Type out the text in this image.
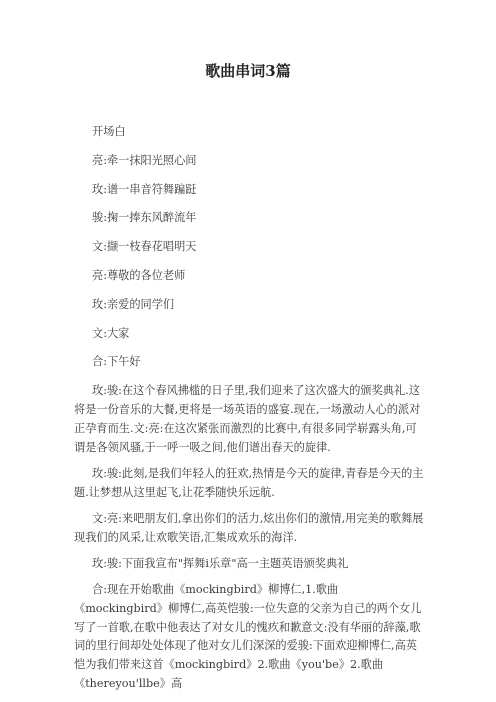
歌曲串词3篇

开场白

亮:牵一抹阳光照心间

玫:谱一串音符舞蹁跹

骏:掬一捧东风醉流年

文:撷一枝春花唱明天

亮:尊敬的各位老师

玫:亲爱的同学们

文:大家

合:下午好

玫:骏:在这个春风拂槛的日子里,我们迎来了这次盛大的颁奖典礼.这将是一份音乐的大餐,更将是一场英语的盛宴.现在,一场激动人心的派对正孕育而生.文:亮:在这次紧张而激烈的比赛中,有很多同学崭露头角,可谓是各领风骚,于一呼一吸之间,他们谱出春天的旋律.

玫:骏:此刻,是我们年轻人的狂欢,热情是今天的旋律,青春是今天的主题.让梦想从这里起飞,让花季随快乐远航.

文:亮:来吧朋友们,拿出你们的活力,炫出你们的激情,用完美的歌舞展现我们的风采,让欢歌笑语,汇集成欢乐的海洋.

玫:骏:下面我宣布"挥舞i乐章"高一主题英语颁奖典礼

合:现在开始歌曲《mockingbird》柳博仁,1.歌曲《mockingbird》柳博仁,高英恺骏:一位失意的父亲为自己的两个女儿写了一首歌,在歌中他表达了对女儿的愧疚和歉意文:没有华丽的辞藻,歌词的里行间却处处体现了他对女儿们深深的爱骏:下面欢迎柳博仁,高英恺为我们带来这首《mockingbird》2.歌曲《you'be》2.歌曲《thereyou'llbe》高
